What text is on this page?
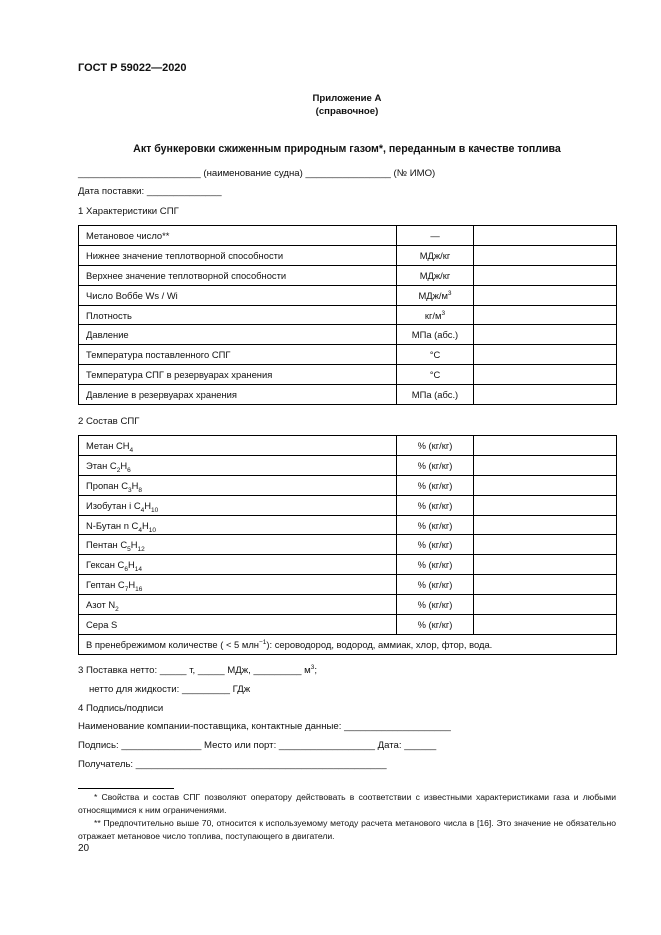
ГОСТ Р 59022—2020
Приложение А
(справочное)
Акт бункеровки сжиженным природным газом*, переданным в качестве топлива
_______________________ (наименование судна) ________________ (№ ИМО)
Дата поставки: ______________
1 Характеристики СПГ
Метановое число**	—	
Нижнее значение теплотворной способности	МДж/кг	
Верхнее значение теплотворной способности	МДж/кг	
Число Воббе Ws / Wi	МДж/$м^3$	
Плотность	$кг/м^3$	
Давление	МПа (абс.)	
Температура поставленного СПГ	°С	
Температура СПГ в резервуарах хранения	°С	
Давление в резервуарах хранения	МПа (абс.)	
2 Состав СПГ
Метан $CH_4$	% (кг/кг)	
Этан $C_2H_6$	% (кг/кг)	
Пропан $C_3H_8$	% (кг/кг)	
Изобутан i $C_4H_{10}$	% (кг/кг)	
N-Бутан n $C_4H_{10}$	% (кг/кг)	
Пентан $C_5H_{12}$	% (кг/кг)	
Гексан $C_6H_{14}$	% (кг/кг)	
Гептан $C_7H_{16}$	% (кг/кг)	
Азот $N_2$	% (кг/кг)	
Сера S	% (кг/кг)	
В пренебрежимом количестве ( < 5 млн$^{-1}$): сероводород, водород, аммиак, хлор, фтор, вода.		
3 Поставка нетто: _____ т, _____ МДж, _________ $м^3$;
нетто для жидкости: _________ ГДж
4 Подпись/подписи
Наименование компании-поставщика, контактные данные: ____________________
Подпись: _______________ Место или порт: __________________ Дата: ______
Получатель: _______________________________________________
* Свойства и состав СПГ позволяют оператору действовать в соответствии с известными характеристиками газа и любыми относящимися к ним ограничениями.
** Предпочтительно выше 70, относится к используемому методу расчета метанового числа в [16]. Это значение не обязательно отражает метановое число топлива, поступающего в двигатели.
20
